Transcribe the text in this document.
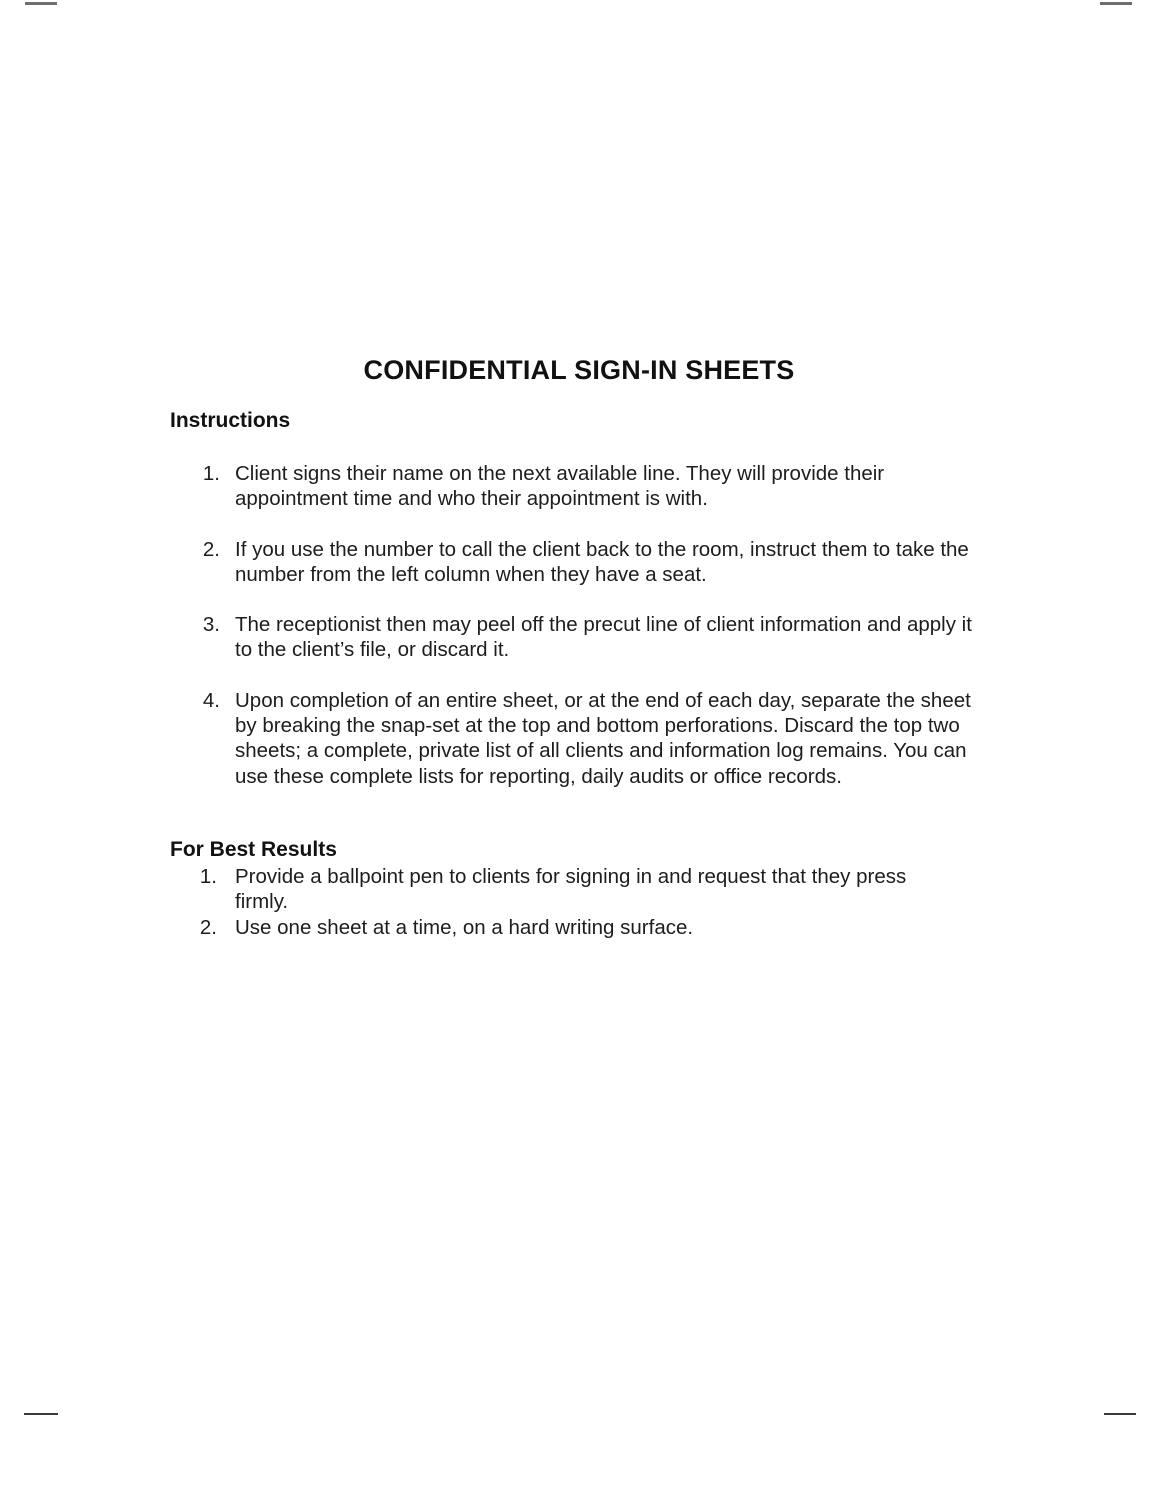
CONFIDENTIAL SIGN-IN SHEETS
Instructions
1. Client signs their name on the next available line. They will provide their appointment time and who their appointment is with.
2. If you use the number to call the client back to the room, instruct them to take the number from the left column when they have a seat.
3. The receptionist then may peel off the precut line of client information and apply it to the client’s file, or discard it.
4. Upon completion of an entire sheet, or at the end of each day, separate the sheet by breaking the snap-set at the top and bottom perforations. Discard the top two sheets; a complete, private list of all clients and information log remains. You can use these complete lists for reporting, daily audits or office records.
For Best Results
1. Provide a ballpoint pen to clients for signing in and request that they press firmly.
2. Use one sheet at a time, on a hard writing surface.
